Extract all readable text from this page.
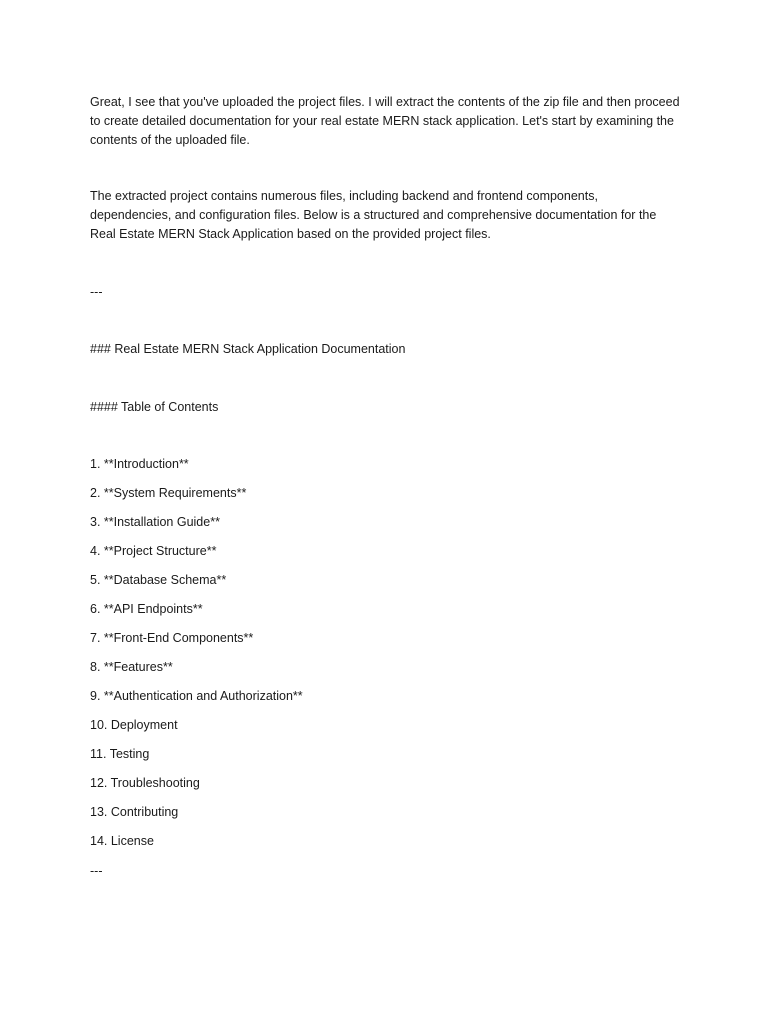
Great, I see that you've uploaded the project files. I will extract the contents of the zip file and then proceed to create detailed documentation for your real estate MERN stack application. Let's start by examining the contents of the uploaded file.

The extracted project contains numerous files, including backend and frontend components, dependencies, and configuration files. Below is a structured and comprehensive documentation for the Real Estate MERN Stack Application based on the provided project files.

---

### Real Estate MERN Stack Application Documentation

#### Table of Contents

1. **Introduction**
2. **System Requirements**
3. **Installation Guide**
4. **Project Structure**
5. **Database Schema**
6. **API Endpoints**
7. **Front-End Components**
8. **Features**
9. **Authentication and Authorization**
10. Deployment
11. Testing
12. Troubleshooting
13. Contributing
14. License

---
